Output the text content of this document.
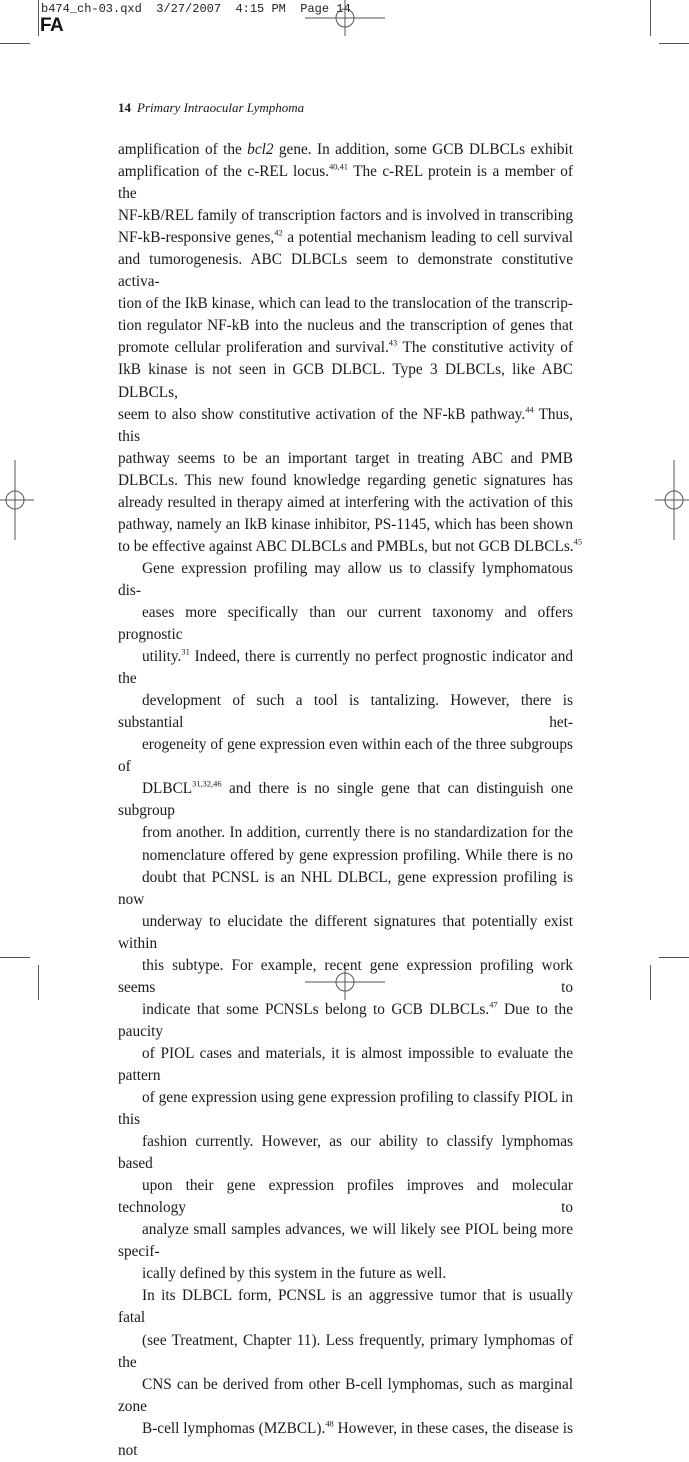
b474_ch-03.qxd 3/27/2007 4:15 PM Page 14
FA
14 Primary Intraocular Lymphoma
amplification of the bcl2 gene. In addition, some GCB DLBCLs exhibit
amplification of the c-REL locus.$^{40,41}$ The c-REL protein is a member of the
NF-kB/REL family of transcription factors and is involved in transcribing
NF-kB-responsive genes,$^{42}$ a potential mechanism leading to cell survival
and tumorogenesis. ABC DLBCLs seem to demonstrate constitutive activa-
tion of the IkB kinase, which can lead to the translocation of the transcrip-
tion regulator NF-kB into the nucleus and the transcription of genes that
promote cellular proliferation and survival.$^{43}$ The constitutive activity of
IkB kinase is not seen in GCB DLBCL. Type 3 DLBCLs, like ABC DLBCLs,
seem to also show constitutive activation of the NF-kB pathway.$^{44}$ Thus, this
pathway seems to be an important target in treating ABC and PMB
DLBCLs. This new found knowledge regarding genetic signatures has
already resulted in therapy aimed at interfering with the activation of this
pathway, namely an IkB kinase inhibitor, PS-1145, which has been shown
to be effective against ABC DLBCLs and PMBLs, but not GCB DLBCLs.$^{45}$
Gene expression profiling may allow us to classify lymphomatous dis-
eases more specifically than our current taxonomy and offers prognostic
utility.$^{31}$ Indeed, there is currently no perfect prognostic indicator and the
development of such a tool is tantalizing. However, there is substantial het-
erogeneity of gene expression even within each of the three subgroups of
DLBCL$^{31,32,46}$ and there is no single gene that can distinguish one subgroup
from another. In addition, currently there is no standardization for the
nomenclature offered by gene expression profiling. While there is no
doubt that PCNSL is an NHL DLBCL, gene expression profiling is now
underway to elucidate the different signatures that potentially exist within
this subtype. For example, recent gene expression profiling work seems to
indicate that some PCNSLs belong to GCB DLBCLs.$^{47}$ Due to the paucity
of PIOL cases and materials, it is almost impossible to evaluate the pattern
of gene expression using gene expression profiling to classify PIOL in this
fashion currently. However, as our ability to classify lymphomas based
upon their gene expression profiles improves and molecular technology to
analyze small samples advances, we will likely see PIOL being more specif-
ically defined by this system in the future as well.
In its DLBCL form, PCNSL is an aggressive tumor that is usually fatal
(see Treatment, Chapter 11). Less frequently, primary lymphomas of the
CNS can be derived from other B-cell lymphomas, such as marginal zone
B-cell lymphomas (MZBCL).$^{48}$ However, in these cases, the disease is not
